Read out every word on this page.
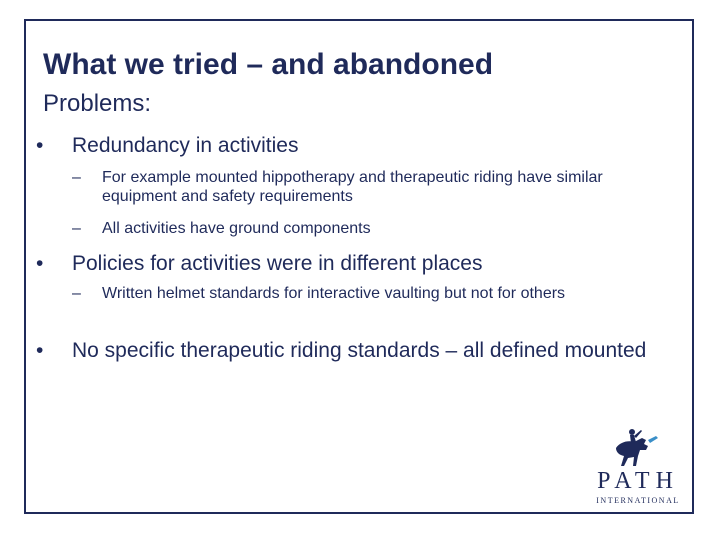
What we tried – and abandoned
Problems:
•	Redundancy in activities
–	For example mounted hippotherapy and therapeutic riding have similar equipment and safety requirements
–	All activities have ground components
•	Policies for activities were in different places
–	Written helmet standards for interactive vaulting but not for others
•	No specific therapeutic riding standards – all defined mounted
PATH
INTERNATIONAL
